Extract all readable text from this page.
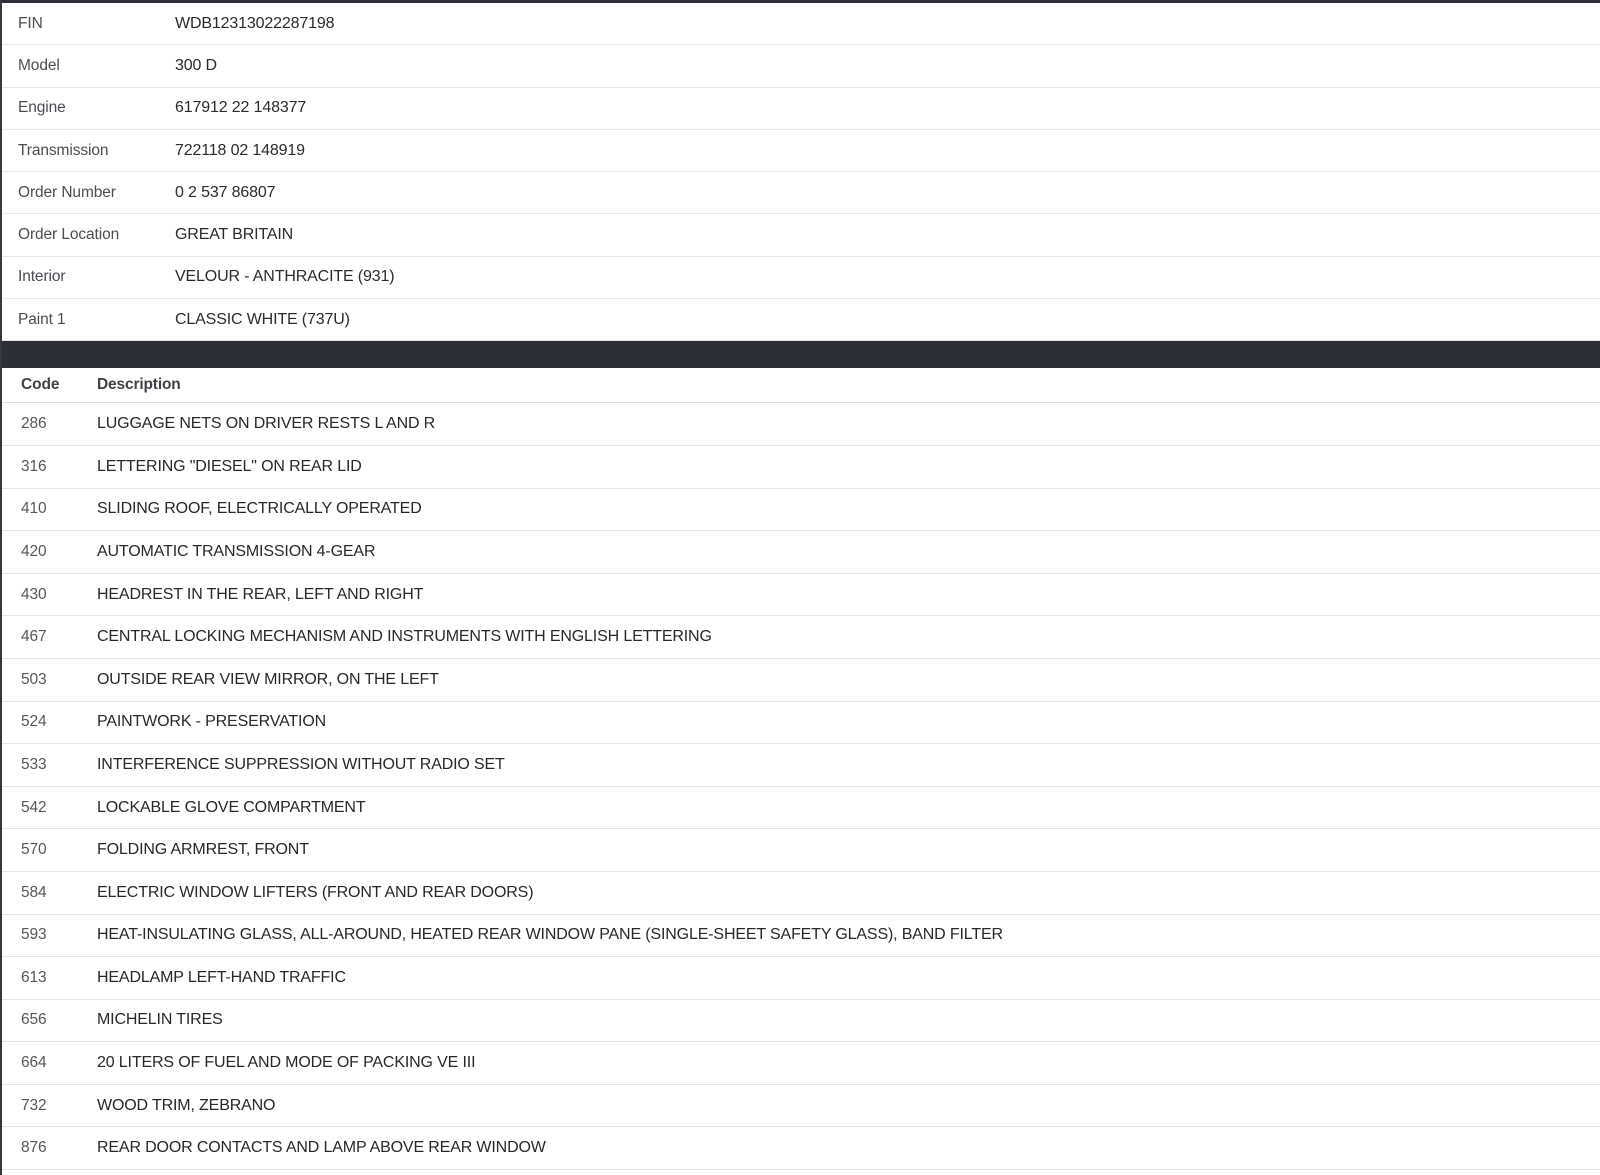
FIN	WDB12313022287198
Model	300 D
Engine	617912 22 148377
Transmission	722118 02 148919
Order Number	0 2 537 86807
Order Location	GREAT BRITAIN
Interior	VELOUR - ANTHRACITE (931)
Paint 1	CLASSIC WHITE (737U)
Code	Description
286	LUGGAGE NETS ON DRIVER RESTS L AND R
316	LETTERING "DIESEL" ON REAR LID
410	SLIDING ROOF, ELECTRICALLY OPERATED
420	AUTOMATIC TRANSMISSION 4-GEAR
430	HEADREST IN THE REAR, LEFT AND RIGHT
467	CENTRAL LOCKING MECHANISM AND INSTRUMENTS WITH ENGLISH LETTERING
503	OUTSIDE REAR VIEW MIRROR, ON THE LEFT
524	PAINTWORK - PRESERVATION
533	INTERFERENCE SUPPRESSION WITHOUT RADIO SET
542	LOCKABLE GLOVE COMPARTMENT
570	FOLDING ARMREST, FRONT
584	ELECTRIC WINDOW LIFTERS (FRONT AND REAR DOORS)
593	HEAT-INSULATING GLASS, ALL-AROUND, HEATED REAR WINDOW PANE (SINGLE-SHEET SAFETY GLASS), BAND FILTER
613	HEADLAMP LEFT-HAND TRAFFIC
656	MICHELIN TIRES
664	20 LITERS OF FUEL AND MODE OF PACKING VE III
732	WOOD TRIM, ZEBRANO
876	REAR DOOR CONTACTS AND LAMP ABOVE REAR WINDOW
